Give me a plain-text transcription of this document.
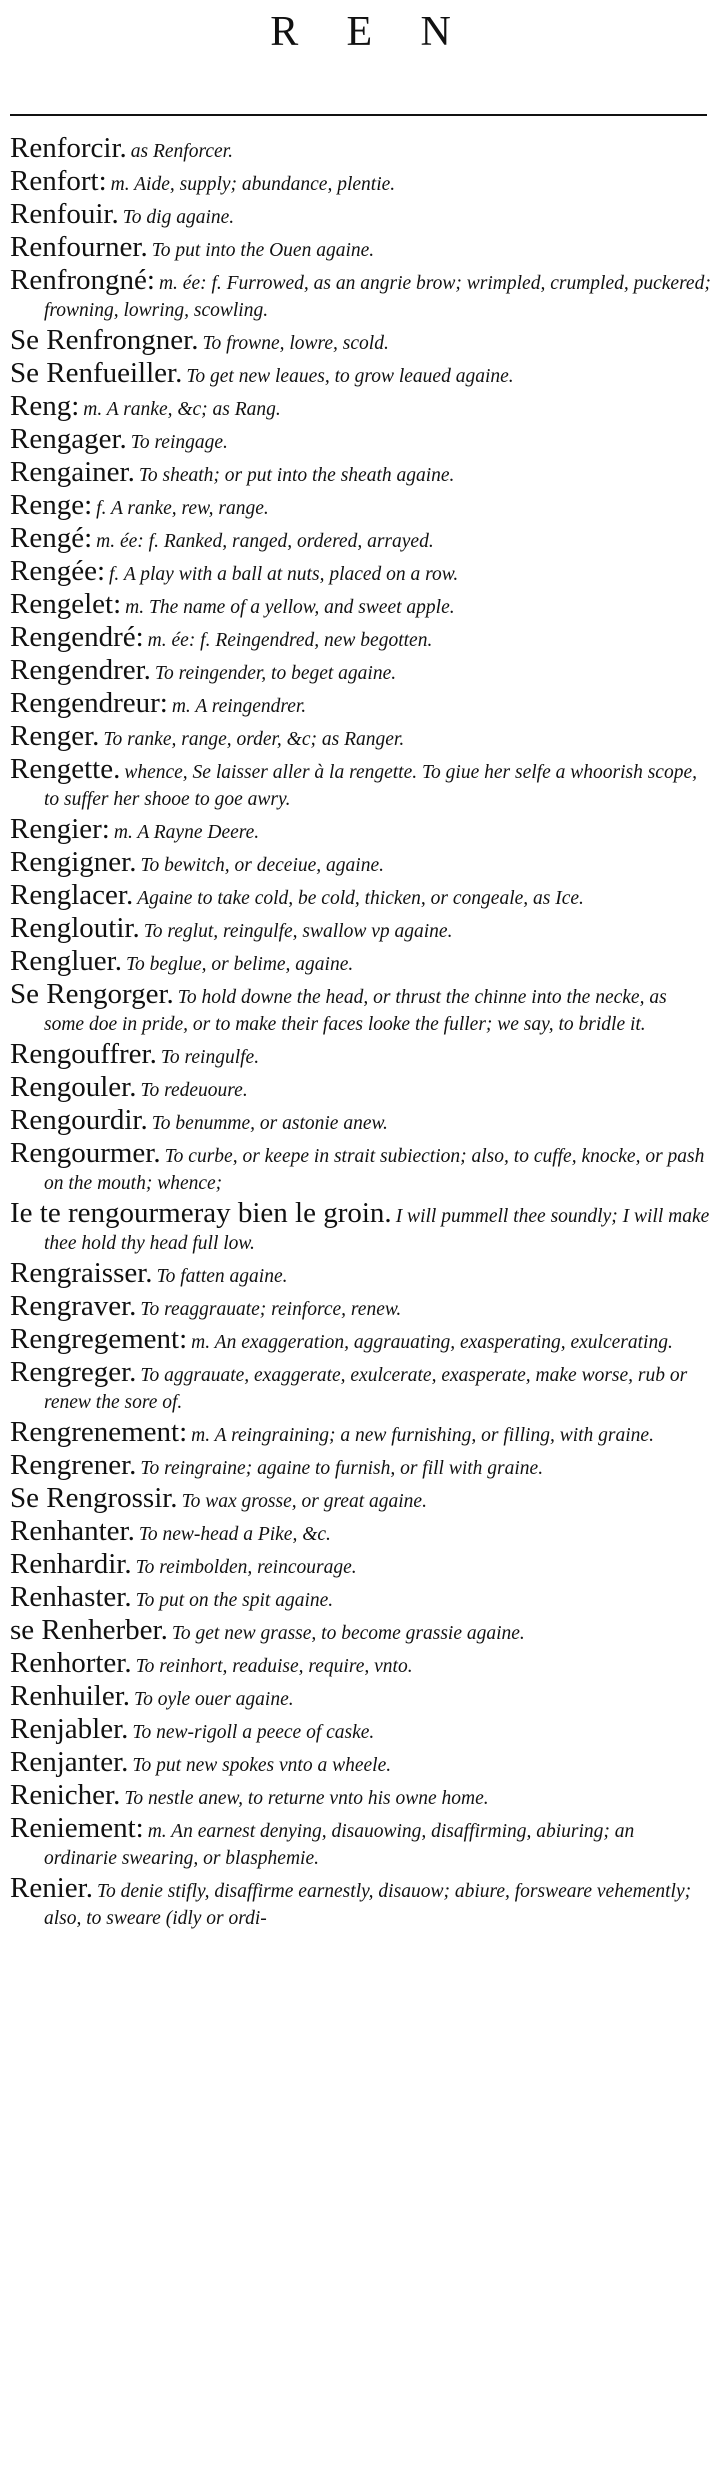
R E N

Renforcir. as Renforcer.

Renfort: m. Aide, supply; abundance, plentie.

Renfouir. To dig againe.

Renfourner. To put into the Ouen againe.

Renfrongné: m. ée: f. Furrowed, as an angrie brow; wrimpled, crumpled, puckered; frowning, lowring, scowling.

Se Renfrongner. To frowne, lowre, scold.

Se Renfueiller. To get new leaues, to grow leaued againe.

Reng: m. A ranke, &c; as Rang.

Rengager. To reingage.

Rengainer. To sheath; or put into the sheath againe.

Renge: f. A ranke, rew, range.

Rengé: m. ée: f. Ranked, ranged, ordered, arrayed.

Rengée: f. A play with a ball at nuts, placed on a row.

Rengelet: m. The name of a yellow, and sweet apple.

Rengendré: m. ée: f. Reingendred, new begotten.

Rengendrer. To reingender, to beget againe.

Rengendreur: m. A reingendrer.

Renger. To ranke, range, order, &c; as Ranger.

Rengette. whence, Se laisser aller à la rengette. To giue her selfe a whoorish scope, to suffer her shooe to goe awry.

Rengier: m. A Rayne Deere.

Rengigner. To bewitch, or deceiue, againe.

Renglacer. Againe to take cold, be cold, thicken, or congeale, as Ice.

Rengloutir. To reglut, reingulfe, swallow vp againe.

Rengluer. To beglue, or belime, againe.

Se Rengorger. To hold downe the head, or thrust the chinne into the necke, as some doe in pride, or to make their faces looke the fuller; we say, to bridle it.

Rengouffrer. To reingulfe.

Rengouler. To redeuoure.

Rengourdir. To benumme, or astonie anew.

Rengourmer. To curbe, or keepe in strait subiection; also, to cuffe, knocke, or pash on the mouth; whence;

Ie te rengourmeray bien le groin. I will pummell thee soundly; I will make thee hold thy head full low.

Rengraisser. To fatten againe.

Rengraver. To reaggrauate; reinforce, renew.

Rengregement: m. An exaggeration, aggrauating, exasperating, exulcerating.

Rengreger. To aggrauate, exaggerate, exulcerate, exasperate, make worse, rub or renew the sore of.

Rengrenement: m. A reingraining; a new furnishing, or filling, with graine.

Rengrener. To reingraine; againe to furnish, or fill with graine.

Se Rengrossir. To wax grosse, or great againe.

Renhanter. To new-head a Pike, &c.

Renhardir. To reimbolden, reincourage.

Renhaster. To put on the spit againe.

se Renherber. To get new grasse, to become grassie againe.

Renhorter. To reinhort, readuise, require, vnto.

Renhuiler. To oyle ouer againe.

Renjabler. To new-rigoll a peece of caske.

Renjanter. To put new spokes vnto a wheele.

Renicher. To nestle anew, to returne vnto his owne home.

Reniement: m. An earnest denying, disauowing, disaffirming, abiuring; an ordinarie swearing, or blasphemie.

Renier. To denie stifly, disaffirme earnestly, disauow; abiure, forsweare vehemently; also, to sweare (idly or ordi-
